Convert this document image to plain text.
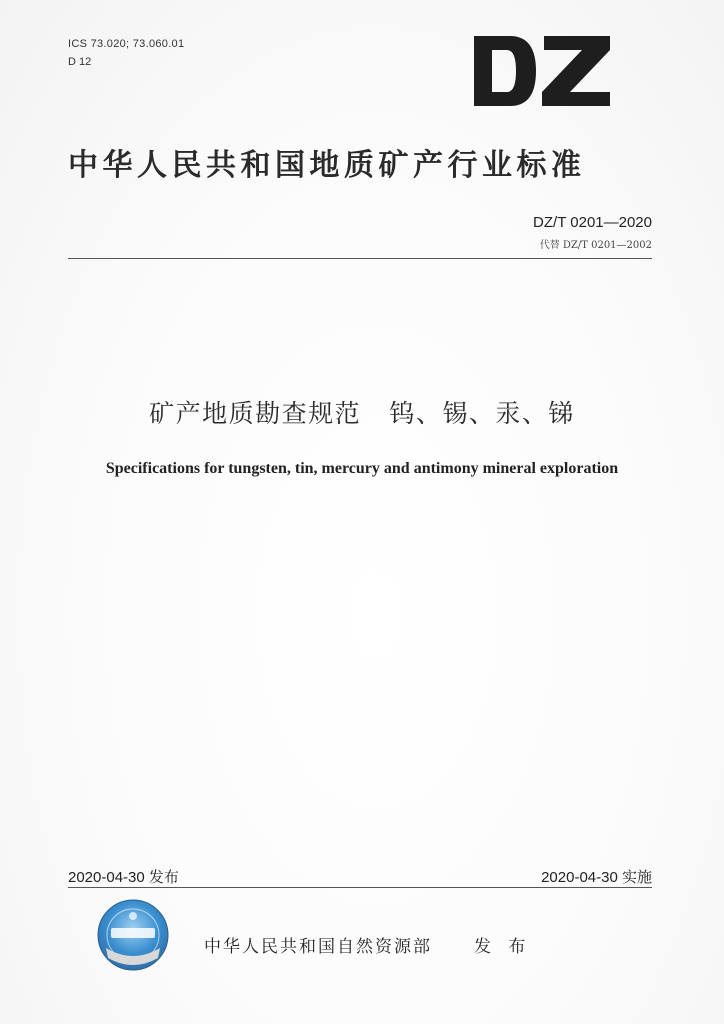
ICS 73.020; 73.060.01
D 12
中华人民共和国地质矿产行业标准
DZ/T 0201—2020
代替 DZ/T 0201—2002
矿产地质勘查规范   钨、锡、汞、锑
Specifications for tungsten, tin, mercury and antimony mineral exploration
2020-04-30 发布	2020-04-30 实施
中华人民共和国自然资源部 发 布
